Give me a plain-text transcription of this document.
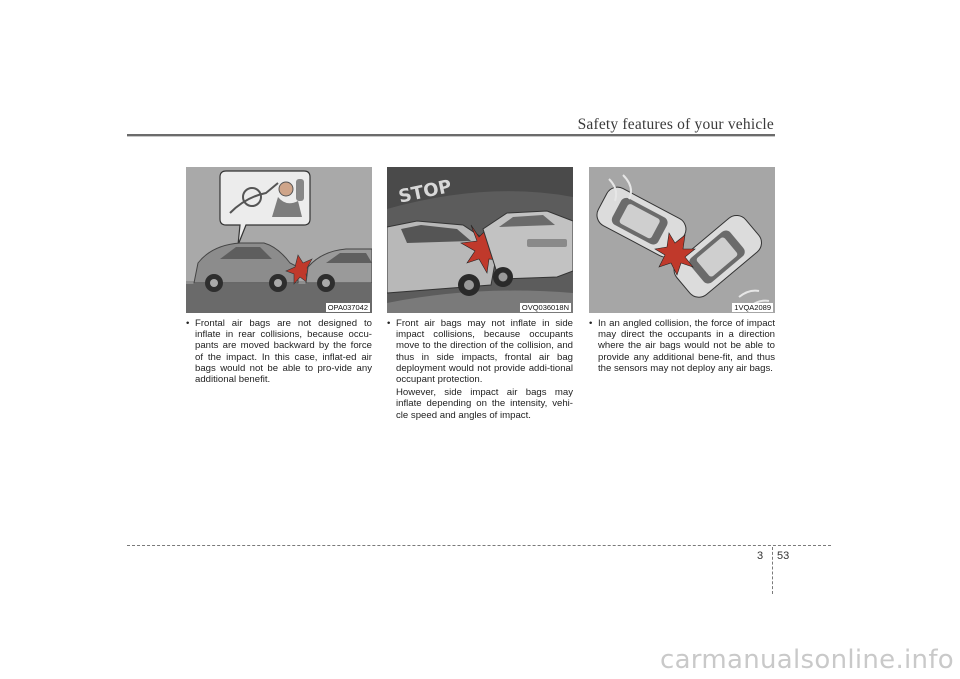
Safety features of your vehicle
OPA037042
STOP
OVQ036018N	1VQA2089

• Frontal air bags are not designed to inflate in rear collisions, because occu-pants are moved backward by the force of the impact. In this case, inflat-ed air bags would not be able to pro-vide any additional benefit.

• Front air bags may not inflate in side impact collisions, because occupants move to the direction of the collision, and thus in side impacts, frontal air bag deployment would not provide addi-tional occupant protection.

However, side impact air bags may inflate depending on the intensity, vehi-cle speed and angles of impact.

• In an angled collision, the force of impact may direct the occupants in a direction where the air bags would not be able to provide any additional bene-fit, and thus the sensors may not deploy any air bags.

3 53
carmanualsonline.info
